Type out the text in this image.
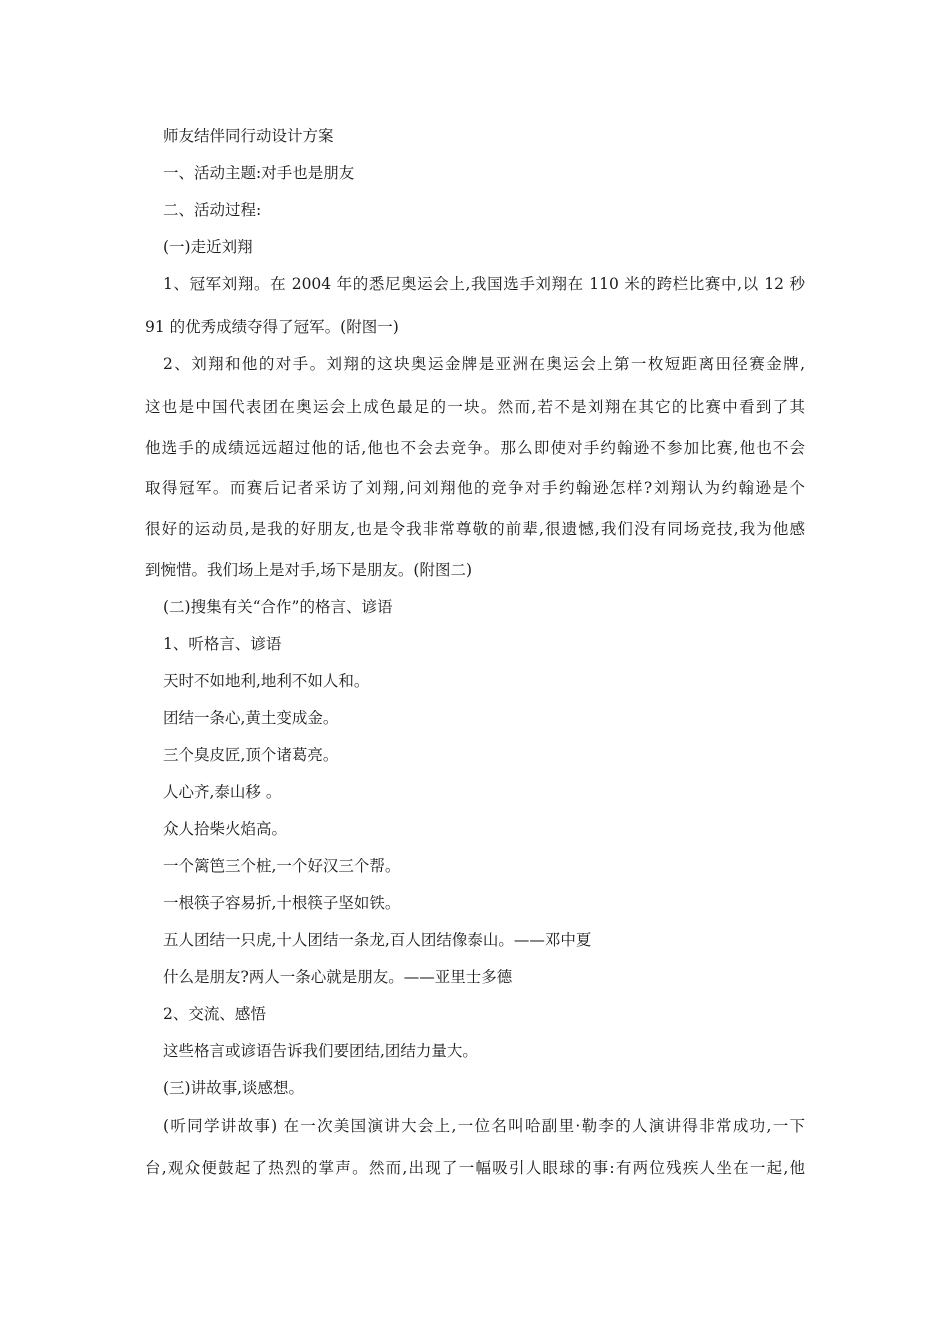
师友结伴同行动设计方案
一、活动主题:对手也是朋友
二、活动过程:
(一)走近刘翔
1、冠军刘翔。在 2004 年的悉尼奥运会上,我国选手刘翔在 110 米的跨栏比赛中,以 12 秒
91 的优秀成绩夺得了冠军。(附图一)
2、刘翔和他的对手。刘翔的这块奥运金牌是亚洲在奥运会上第一枚短距离田径赛金牌,
这也是中国代表团在奥运会上成色最足的一块。然而,若不是刘翔在其它的比赛中看到了其
他选手的成绩远远超过他的话,他也不会去竞争。那么即使对手约翰逊不参加比赛,他也不会
取得冠军。而赛后记者采访了刘翔,问刘翔他的竞争对手约翰逊怎样?刘翔认为约翰逊是个
很好的运动员,是我的好朋友,也是令我非常尊敬的前辈,很遗憾,我们没有同场竞技,我为他感
到惋惜。我们场上是对手,场下是朋友。(附图二)
(二)搜集有关“合作”的格言、谚语
1、听格言、谚语
天时不如地利,地利不如人和。
团结一条心,黄土变成金。
三个臭皮匠,顶个诸葛亮。
人心齐,泰山移 。
众人拾柴火焰高。
一个篱笆三个桩,一个好汉三个帮。
一根筷子容易折,十根筷子坚如铁。
五人团结一只虎,十人团结一条龙,百人团结像泰山。——邓中夏
什么是朋友?两人一条心就是朋友。——亚里士多德
2、交流、感悟
这些格言或谚语告诉我们要团结,团结力量大。
(三)讲故事,谈感想。
(听同学讲故事) 在一次美国演讲大会上,一位名叫哈副里·勒李的人演讲得非常成功,一下
台,观众便鼓起了热烈的掌声。然而,出现了一幅吸引人眼球的事:有两位残疾人坐在一起,他
